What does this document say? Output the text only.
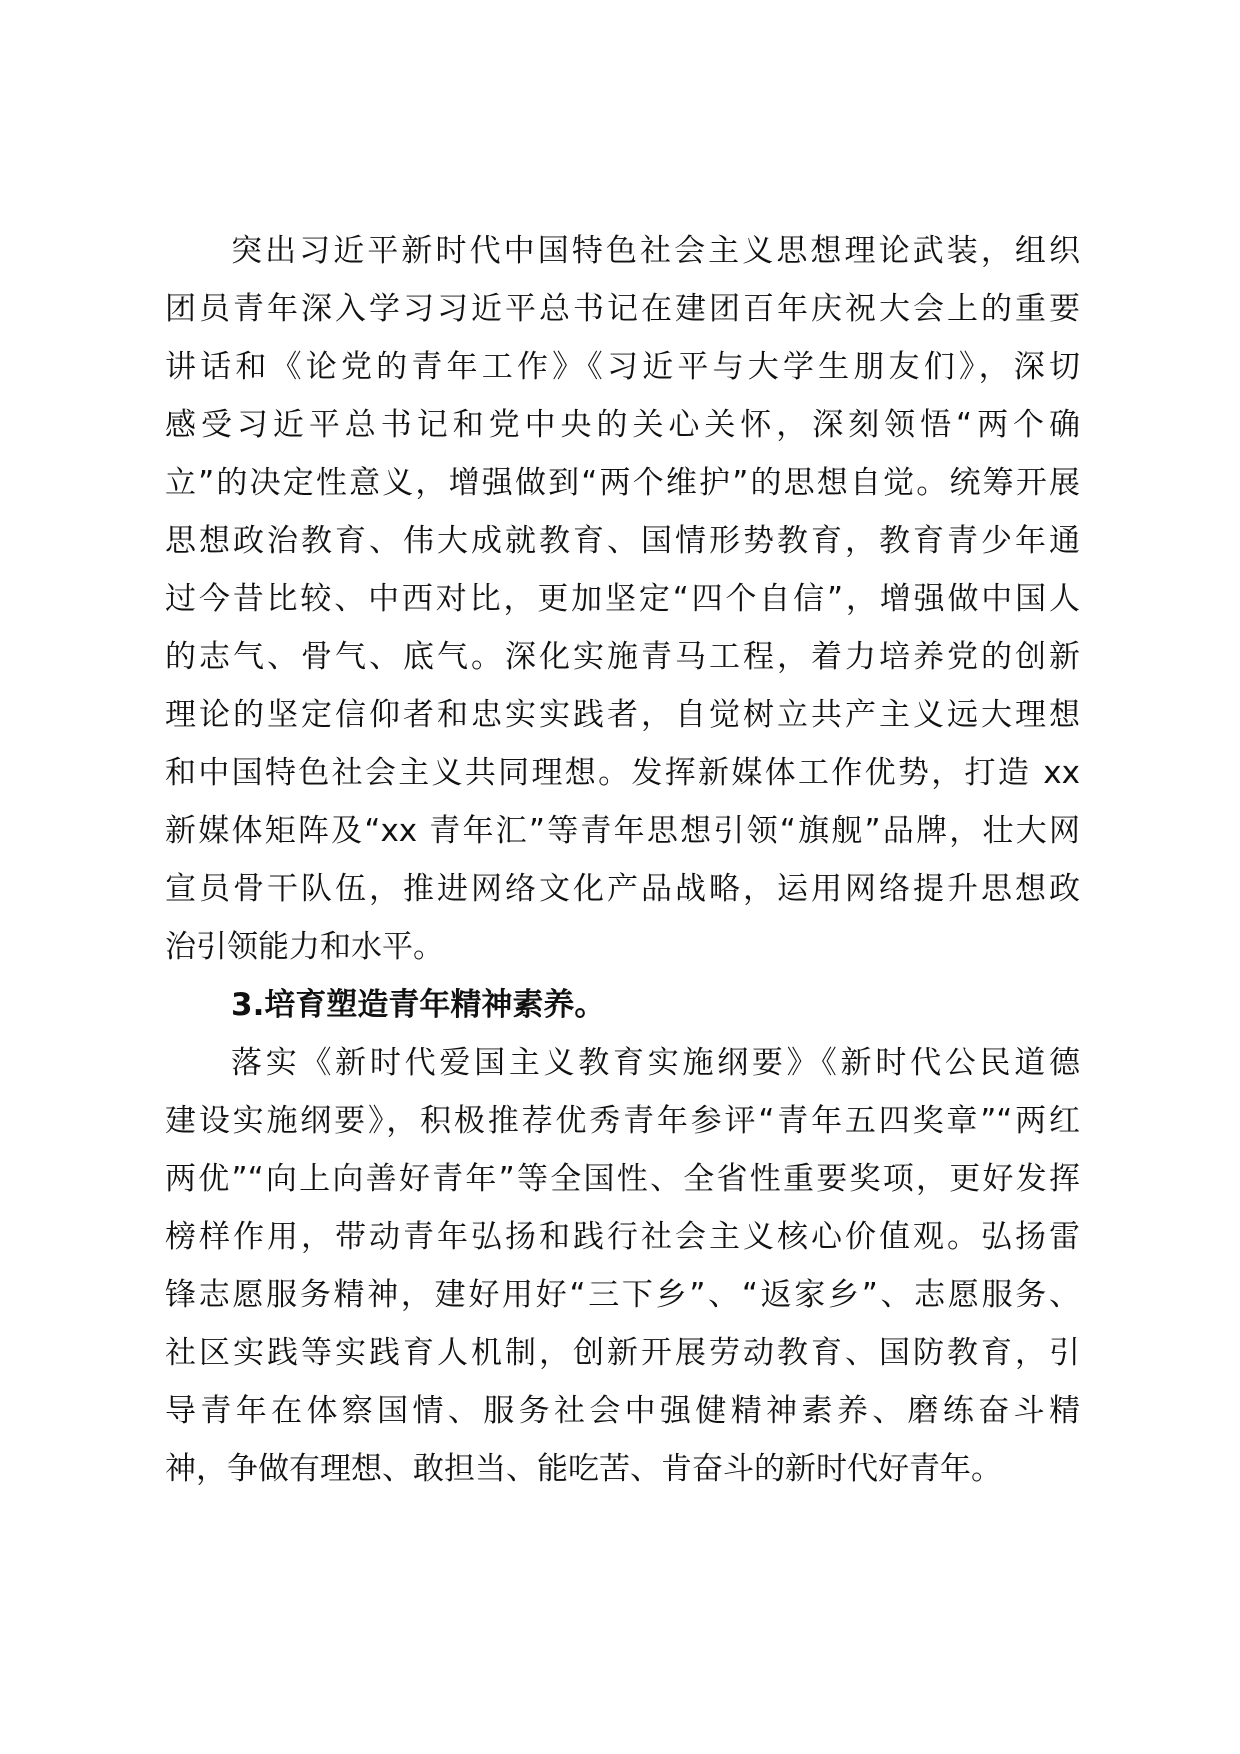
突出习近平新时代中国特色社会主义思想理论武装，组织
团员青年深入学习习近平总书记在建团百年庆祝大会上的重要
讲话和《论党的青年工作》《习近平与大学生朋友们》，深切
感受习近平总书记和党中央的关心关怀，深刻领悟“两个确
立”的决定性意义，增强做到“两个维护”的思想自觉。统筹开展
思想政治教育、伟大成就教育、国情形势教育，教育青少年通
过今昔比较、中西对比，更加坚定“四个自信”，增强做中国人
的志气、骨气、底气。深化实施青马工程，着力培养党的创新
理论的坚定信仰者和忠实实践者，自觉树立共产主义远大理想
和中国特色社会主义共同理想。发挥新媒体工作优势，打造 xx
新媒体矩阵及“xx 青年汇”等青年思想引领“旗舰”品牌，壮大网
宣员骨干队伍，推进网络文化产品战略，运用网络提升思想政
治引领能力和水平。
3.培育塑造青年精神素养。
落实《新时代爱国主义教育实施纲要》《新时代公民道德
建设实施纲要》，积极推荐优秀青年参评“青年五四奖章”“两红
两优”“向上向善好青年”等全国性、全省性重要奖项，更好发挥
榜样作用，带动青年弘扬和践行社会主义核心价值观。弘扬雷
锋志愿服务精神，建好用好“三下乡”、“返家乡”、志愿服务、
社区实践等实践育人机制，创新开展劳动教育、国防教育，引
导青年在体察国情、服务社会中强健精神素养、磨练奋斗精
神，争做有理想、敢担当、能吃苦、肯奋斗的新时代好青年。
